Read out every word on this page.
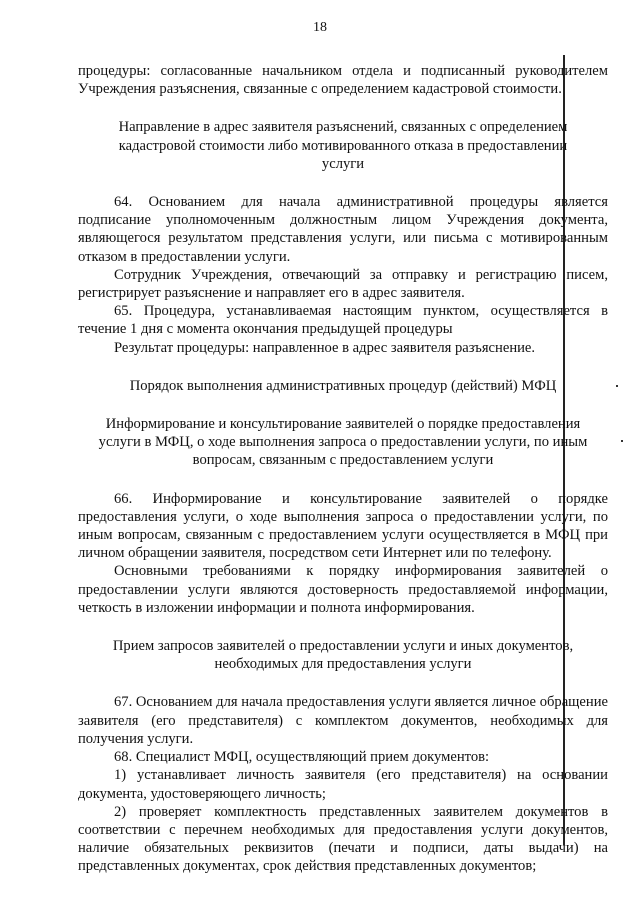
18

процедуры: согласованные начальником отдела и подписанный руководителем Учреждения разъяснения, связанные с определением кадастровой стоимости.

Направление в адрес заявителя разъяснений, связанных с определением кадастровой стоимости либо мотивированного отказа в предоставлении услуги

64. Основанием для начала административной процедуры является подписание уполномоченным должностным лицом Учреждения документа, являющегося результатом представления услуги, или письма с мотивированным отказом в предоставлении услуги.

Сотрудник Учреждения, отвечающий за отправку и регистрацию писем, регистрирует разъяснение и направляет его в адрес заявителя.

65. Процедура, устанавливаемая настоящим пунктом, осуществляется в течение 1 дня с момента окончания предыдущей процедуры

Результат процедуры: направленное в адрес заявителя разъяснение.

Порядок выполнения административных процедур (действий) МФЦ

Информирование и консультирование заявителей о порядке предоставления услуги в МФЦ, о ходе выполнения запроса о предоставлении услуги, по иным вопросам, связанным с предоставлением услуги

66. Информирование и консультирование заявителей о порядке предоставления услуги, о ходе выполнения запроса о предоставлении услуги, по иным вопросам, связанным с предоставлением услуги осуществляется в МФЦ при личном обращении заявителя, посредством сети Интернет или по телефону.

Основными требованиями к порядку информирования заявителей о предоставлении услуги являются достоверность предоставляемой информации, четкость в изложении информации и полнота информирования.

Прием запросов заявителей о предоставлении услуги и иных документов, необходимых для предоставления услуги

67. Основанием для начала предоставления услуги является личное обращение заявителя (его представителя) с комплектом документов, необходимых для получения услуги.

68. Специалист МФЦ, осуществляющий прием документов:

1) устанавливает личность заявителя (его представителя) на основании документа, удостоверяющего личность;

2) проверяет комплектность представленных заявителем документов в соответствии с перечнем необходимых для предоставления услуги документов, наличие обязательных реквизитов (печати и подписи, даты выдачи) на представленных документах, срок действия представленных документов;
